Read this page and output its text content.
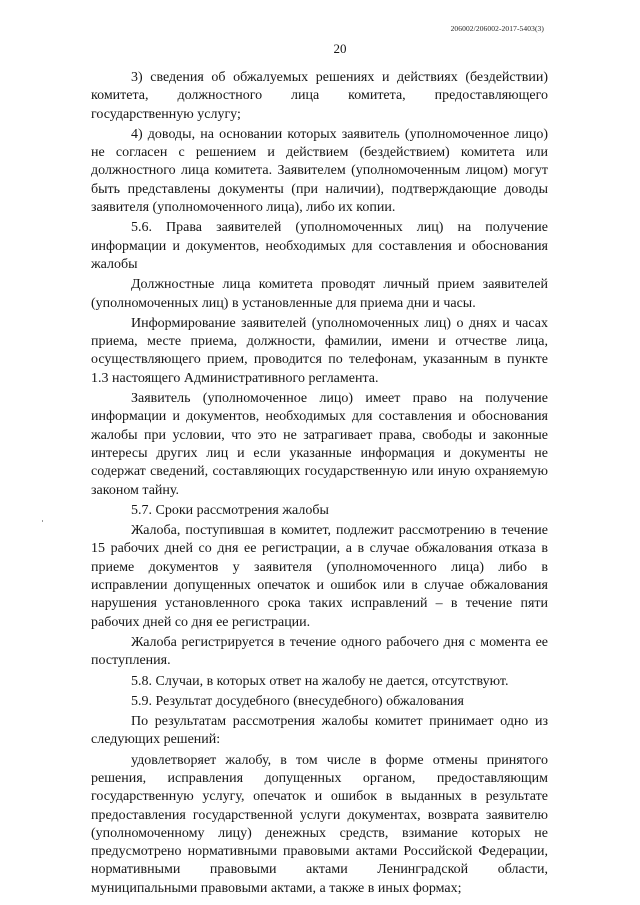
206002/206002-2017-5403(3)
20

3) сведения об обжалуемых решениях и действиях (бездействии) комитета, должностного лица комитета, предоставляющего государственную услугу;

4) доводы, на основании которых заявитель (уполномоченное лицо) не согласен с решением и действием (бездействием) комитета или должностного лица комитета. Заявителем (уполномоченным лицом) могут быть представлены документы (при наличии), подтверждающие доводы заявителя (уполномоченного лица), либо их копии.

5.6. Права заявителей (уполномоченных лиц) на получение информации и документов, необходимых для составления и обоснования жалобы

Должностные лица комитета проводят личный прием заявителей (уполномоченных лиц) в установленные для приема дни и часы.

Информирование заявителей (уполномоченных лиц) о днях и часах приема, месте приема, должности, фамилии, имени и отчестве лица, осуществляющего прием, проводится по телефонам, указанным в пункте 1.3 настоящего Административного регламента.

Заявитель (уполномоченное лицо) имеет право на получение информации и документов, необходимых для составления и обоснования жалобы при условии, что это не затрагивает права, свободы и законные интересы других лиц и если указанные информация и документы не содержат сведений, составляющих государственную или иную охраняемую законом тайну.

5.7. Сроки рассмотрения жалобы

Жалоба, поступившая в комитет, подлежит рассмотрению в течение 15 рабочих дней со дня ее регистрации, а в случае обжалования отказа в приеме документов у заявителя (уполномоченного лица) либо в исправлении допущенных опечаток и ошибок или в случае обжалования нарушения установленного срока таких исправлений – в течение пяти рабочих дней со дня ее регистрации.

Жалоба регистрируется в течение одного рабочего дня с момента ее поступления.

5.8. Случаи, в которых ответ на жалобу не дается, отсутствуют.

5.9. Результат досудебного (внесудебного) обжалования

По результатам рассмотрения жалобы комитет принимает одно из следующих решений:

удовлетворяет жалобу, в том числе в форме отмены принятого решения, исправления допущенных органом, предоставляющим государственную услугу, опечаток и ошибок в выданных в результате предоставления государственной услуги документах, возврата заявителю (уполномоченному лицу) денежных средств, взимание которых не предусмотрено нормативными правовыми актами Российской Федерации, нормативными правовыми актами Ленинградской области, муниципальными правовыми актами, а также в иных формах;
